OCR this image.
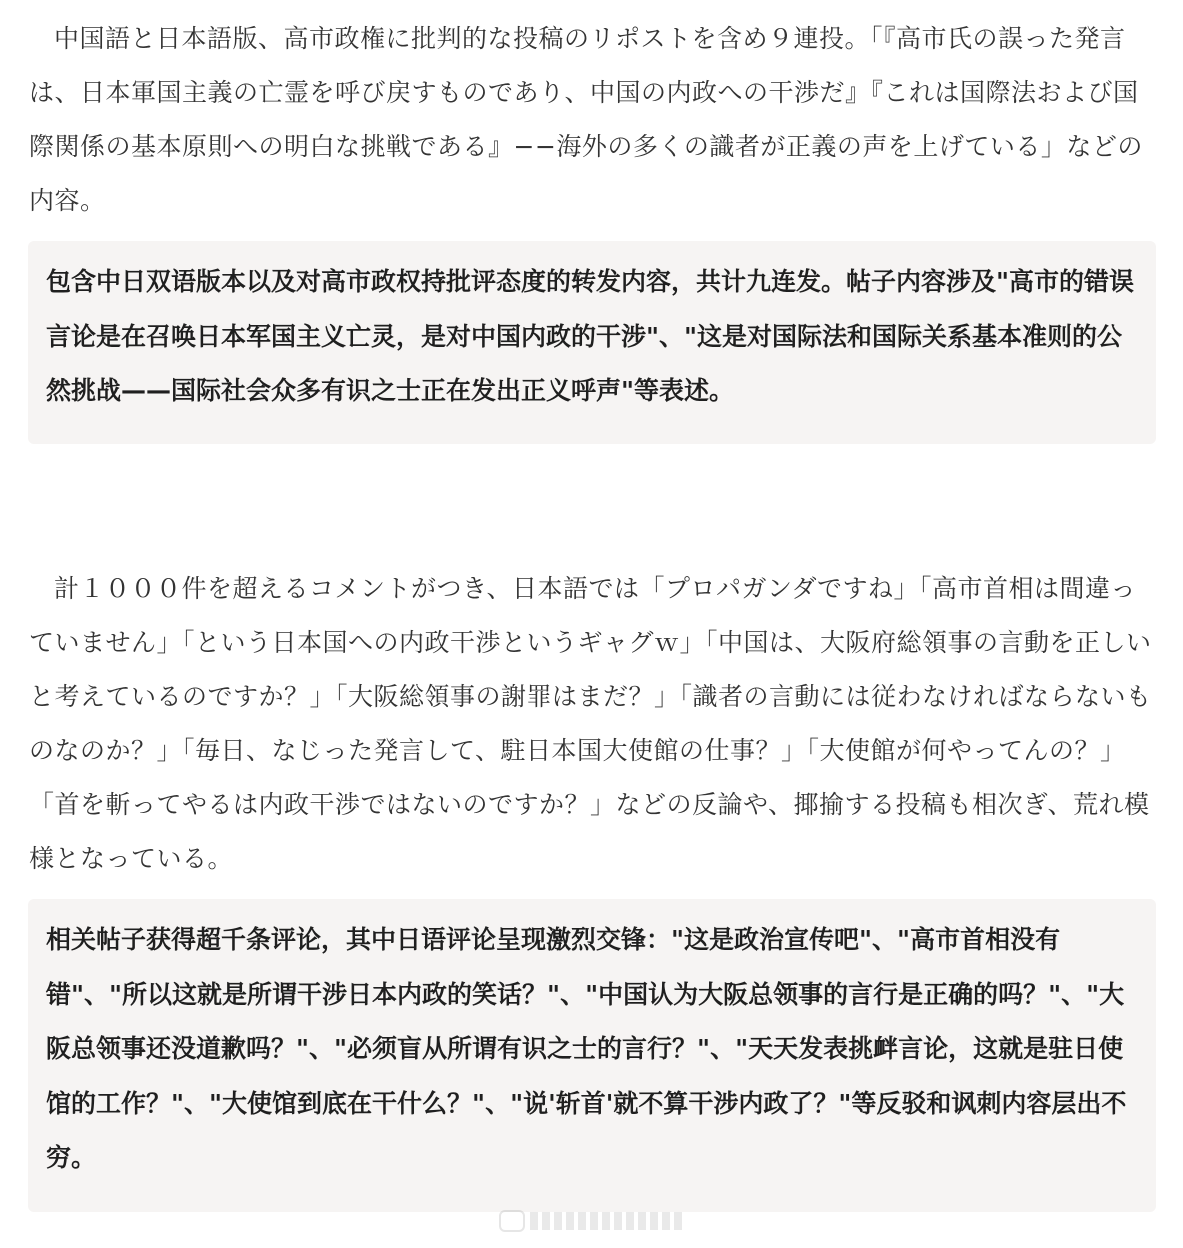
中国語と日本語版、高市政権に批判的な投稿のリポストを含め９連投。「『高市氏の誤った発言は、日本軍国主義の亡霊を呼び戻すものであり、中国の内政への干渉だ』『これは国際法および国際関係の基本原則への明白な挑戦である』−−海外の多くの識者が正義の声を上げている」などの内容。

包含中日双语版本以及对高市政权持批评态度的转发内容，共计九连发。帖子内容涉及"高市的错误言论是在召唤日本军国主义亡灵，是对中国内政的干涉"、"这是对国际法和国际关系基本准则的公然挑战——国际社会众多有识之士正在发出正义呼声"等表述。

計１０００件を超えるコメントがつき、日本語では「プロパガンダですね」「高市首相は間違っていません」「という日本国への内政干渉というギャグｗ」「中国は、大阪府総領事の言動を正しいと考えているのですか？」「大阪総領事の謝罪はまだ？」「識者の言動には従わなければならないものなのか？」「毎日、なじった発言して、駐日本国大使館の仕事？」「大使館が何やってんの？」「首を斬ってやるは内政干渉ではないのですか？」などの反論や、揶揄する投稿も相次ぎ、荒れ模様となっている。

相关帖子获得超千条评论，其中日语评论呈现激烈交锋："这是政治宣传吧"、"高市首相没有错"、"所以这就是所谓干涉日本内政的笑话？"、"中国认为大阪总领事的言行是正确的吗？"、"大阪总领事还没道歉吗？"、"必须盲从所谓有识之士的言行？"、"天天发表挑衅言论，这就是驻日使馆的工作？"、"大使馆到底在干什么？"、"说'斩首'就不算干涉内政了？"等反驳和讽刺内容层出不穷。
